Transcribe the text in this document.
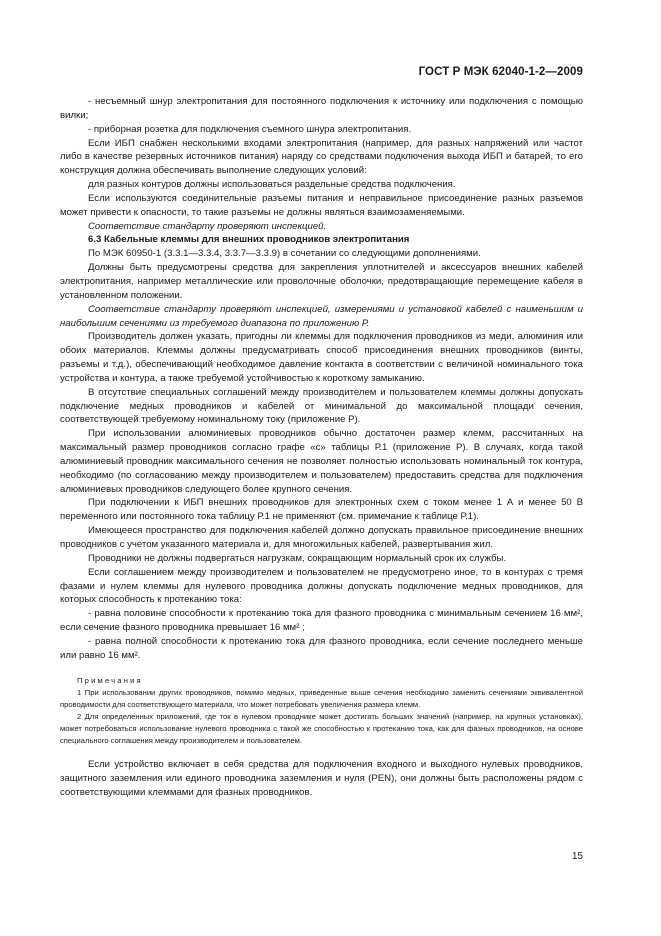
ГОСТ Р МЭК 62040-1-2—2009

- несъемный шнур электропитания для постоянного подключения к источнику или подключения с помощью вилки;

- приборная розетка для подключения съемного шнура электропитания.

Если ИБП снабжен несколькими входами электропитания (например, для разных напряжений или частот либо в качестве резервных источников питания) наряду со средствами подключения выхода ИБП и батарей, то его конструкция должна обеспечивать выполнение следующих условий:

для разных контуров должны использоваться раздельные средства подключения.

Если используются соединительные разъемы питания и неправильное присоединение разных разъемов может привести к опасности, то такие разъемы не должны являться взаимозаменяемыми.

Соответствие стандарту проверяют инспекцией.

6.3 Кабельные клеммы для внешних проводников электропитания

По МЭК 60950-1 (3.3.1—3.3.4, 3.3.7—3.3.9) в сочетании со следующими дополнениями.

Должны быть предусмотрены средства для закрепления уплотнителей и аксессуаров внешних кабелей электропитания, например металлические или проволочные оболочки, предотвращающие перемещение кабеля в установленном положении.

Соответствие стандарту проверяют инспекцией, измерениями и установкой кабелей с наименьшим и наибольшим сечениями из требуемого диапазона по приложению Р.

Производитель должен указать, пригодны ли клеммы для подключения проводников из меди, алюминия или обоих материалов. Клеммы должны предусматривать способ присоединения внешних проводников (винты, разъемы и т.д.), обеспечивающий необходимое давление контакта в соответствии с величиной номинального тока устройства и контура, а также требуемой устойчивостью к короткому замыканию.

В отсутствие специальных соглашений между производителем и пользователем клеммы должны допускать подключение медных проводников и кабелей от минимальной до максимальной площади сечения, соответствующей требуемому номинальному току (приложение Р).

При использовании алюминиевых проводников обычно достаточен размер клемм, рассчитанных на максимальный размер проводников согласно графе «с» таблицы Р.1 (приложение Р). В случаях, когда такой алюминиевый проводник максимального сечения не позволяет полностью использовать номинальный ток контура, необходимо (по согласованию между производителем и пользователем) предоставить средства для подключения алюминиевых проводников следующего более крупного сечения.

При подключении к ИБП внешних проводников для электронных схем с током менее 1 А и менее 50 В переменного или постоянного тока таблицу Р.1 не применяют (см. примечание к таблице Р.1).

Имеющееся пространство для подключения кабелей должно допускать правильное присоединение внешних проводников с учетом указанного материала и, для многожильных кабелей, развертывания жил.

Проводники не должны подвергаться нагрузкам, сокращающим нормальный срок их службы.

Если соглашением между производителем и пользователем не предусмотрено иное, то в контурах с тремя фазами и нулем клеммы для нулевого проводника должны допускать подключение медных проводников, для которых способность к протеканию тока:

- равна половине способности к протеканию тока для фазного проводника с минимальным сечением 16 мм², если сечение фазного проводника превышает 16 мм² ;

- равна полной способности к протеканию тока для фазного проводника, если сечение последнего меньше или равно 16 мм².

Примечания

1 При использовании других проводников, помимо медных, приведенные выше сечения необходимо заменить сечениями эквивалентной проводимости для соответствующего материала, что может потребовать увеличения размера клемм.

2 Для определенных приложений, где ток в нулевом проводнике может достигать больших значений (например, на крупных установках), может потребоваться использование нулевого проводника с такой же способностью к протеканию тока, как для фазных проводников, на основе специального соглашения между производителем и пользователем.

Если устройство включает в себя средства для подключения входного и выходного нулевых проводников, защитного заземления или единого проводника заземления и нуля (PEN), они должны быть расположены рядом с соответствующими клеммами для фазных проводников.

15
